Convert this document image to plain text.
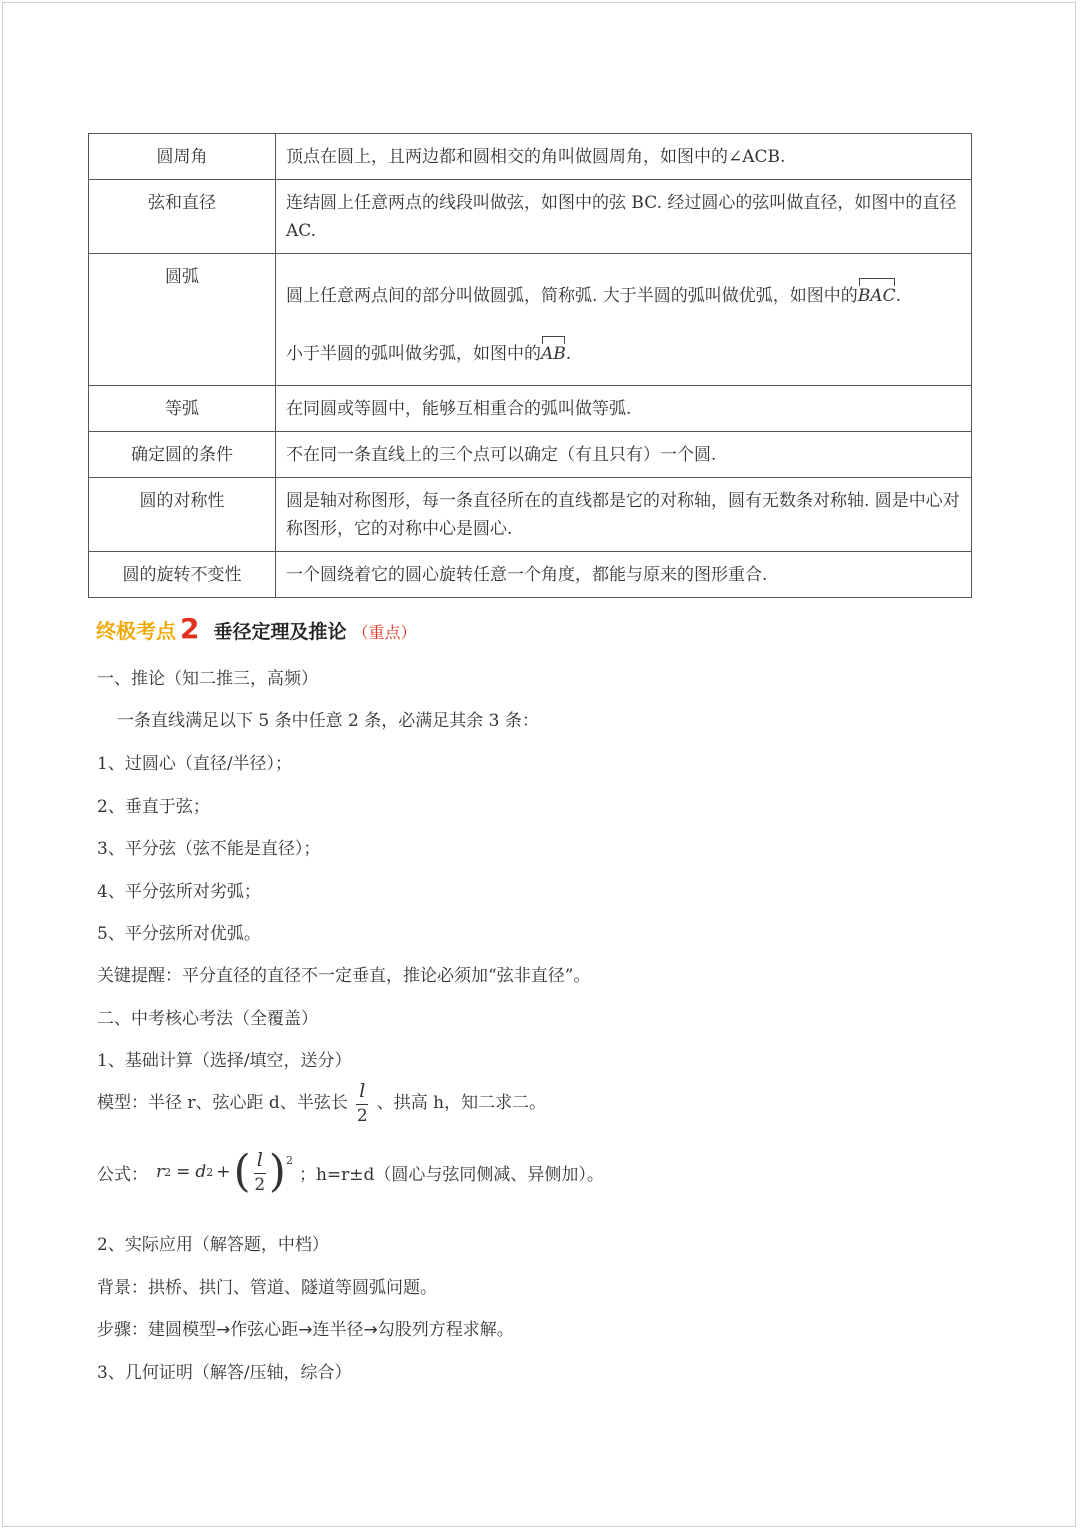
圆周角	顶点在圆上，且两边都和圆相交的角叫做圆周角，如图中的∠ACB.
弦和直径	连结圆上任意两点的线段叫做弦，如图中的弦 BC. 经过圆心的弦叫做直径，如图中的直径 AC.
圆弧	圆上任意两点间的部分叫做圆弧，简称弧. 大于半圆的弧叫做优弧，如图中的BAC.
小于半圆的弧叫做劣弧，如图中的AB.

等弧	在同圆或等圆中，能够互相重合的弧叫做等弧.
确定圆的条件	不在同一条直线上的三个点可以确定（有且只有）一个圆.
圆的对称性	圆是轴对称图形，每一条直径所在的直线都是它的对称轴，圆有无数条对称轴. 圆是中心对称图形，它的对称中心是圆心.
圆的旋转不变性	一个圆绕着它的圆心旋转任意一个角度，都能与原来的图形重合.
终极考点 2 垂径定理及推论 （重点）
一、推论（知二推三，高频）
一条直线满足以下 5 条中任意 2 条，必满足其余 3 条：
1、过圆心（直径/半径）；
2、垂直于弦；
3、平分弦（弦不能是直径）；
4、平分弦所对劣弧；
5、平分弦所对优弧。
关键提醒：平分直径的直径不一定垂直，推论必须加“弦非直径”。
二、中考核心考法（全覆盖）
1、基础计算（选择/填空，送分）
模型：半径 r、弦心距 d、半弦长 $\frac{l}{2}$ 、拱高 h，知二求二。
公式： r 2 = d 2 + ( $\frac{l}{2}$ ) 2
；h=r±d（圆心与弦同侧减、异侧加）。
2、实际应用（解答题，中档）
背景：拱桥、拱门、管道、隧道等圆弧问题。
步骤：建圆模型→作弦心距→连半径→勾股列方程求解。
3、几何证明（解答/压轴，综合）
